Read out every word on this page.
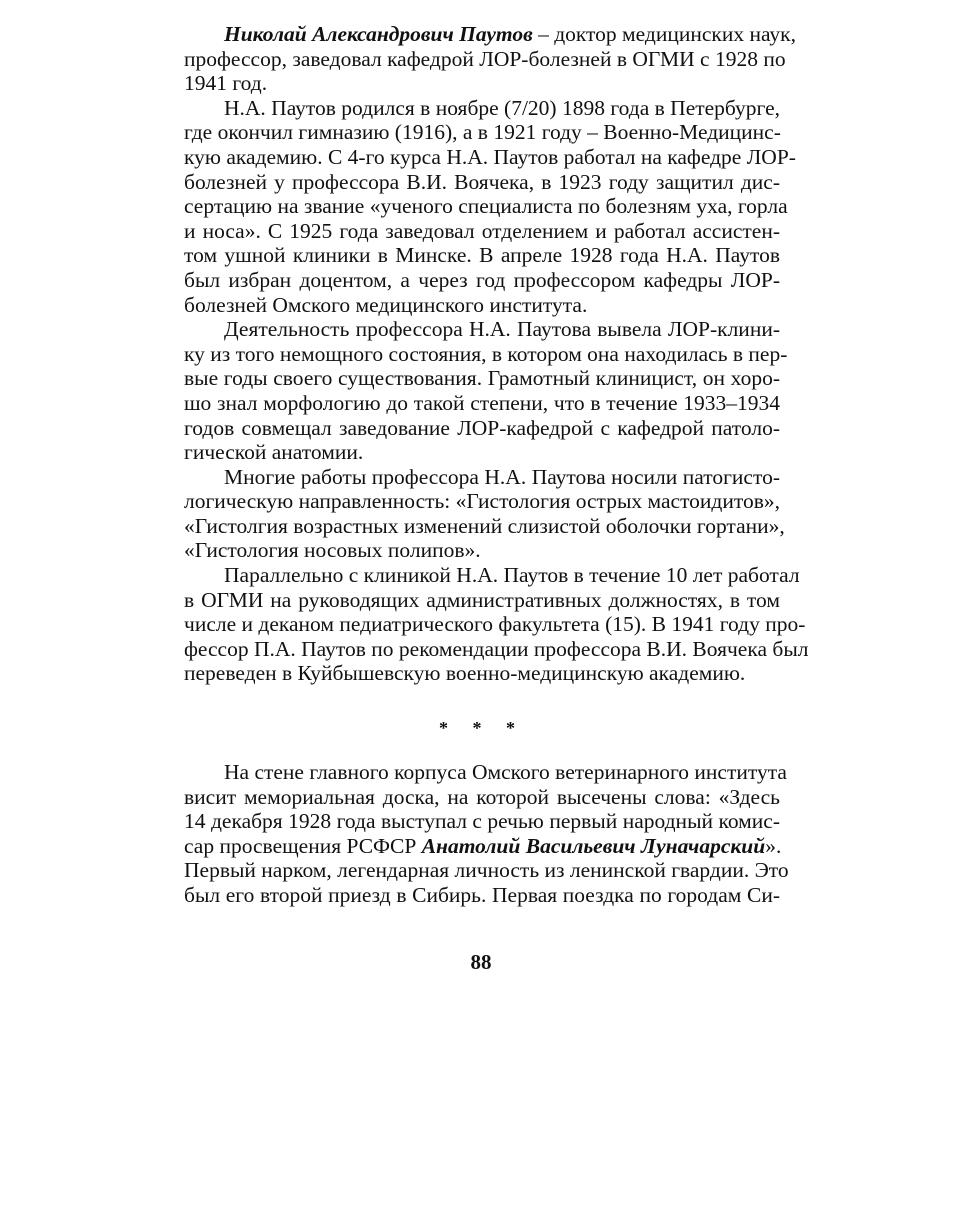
Николай Александрович Паутов – доктор медицинских наук,
профессор, заведовал кафедрой ЛОР-болезней в ОГМИ с 1928 по
1941 год.
Н.А. Паутов родился в ноябре (7/20) 1898 года в Петербурге,
где окончил гимназию (1916), а в 1921 году – Военно-Медицинс-
кую академию. С 4-го курса Н.А. Паутов работал на кафедре ЛОР-
болезней у профессора В.И. Воячека, в 1923 году защитил дис-
сертацию на звание «ученого специалиста по болезням уха, горла
и носа». С 1925 года заведовал отделением и работал ассистен-
том ушной клиники в Минске. В апреле 1928 года Н.А. Паутов
был избран доцентом, а через год профессором кафедры ЛОР-
болезней Омского медицинского института.
Деятельность профессора Н.А. Паутова вывела ЛОР-клини-
ку из того немощного состояния, в котором она находилась в пер-
вые годы своего существования. Грамотный клиницист, он хоро-
шо знал морфологию до такой степени, что в течение 1933–1934
годов совмещал заведование ЛОР-кафедрой с кафедрой патоло-
гической анатомии.
Многие работы профессора Н.А. Паутова носили патогисто-
логическую направленность: «Гистология острых мастоидитов»,
«Гистолгия возрастных изменений слизистой оболочки гортани»,
«Гистология носовых полипов».
Параллельно с клиникой Н.А. Паутов в течение 10 лет работал
в ОГМИ на руководящих административных должностях, в том
числе и деканом педиатрического факультета (15). В 1941 году про-
фессор П.А. Паутов по рекомендации профессора В.И. Воячека был
переведен в Куйбышевскую военно-медицинскую академию.
* * *
На стене главного корпуса Омского ветеринарного института
висит мемориальная доска, на которой высечены слова: «Здесь
14 декабря 1928 года выступал с речью первый народный комис-
сар просвещения РСФСР Анатолий Васильевич Луначарский».
Первый нарком, легендарная личность из ленинской гвардии. Это
был его второй приезд в Сибирь. Первая поездка по городам Си-
88
